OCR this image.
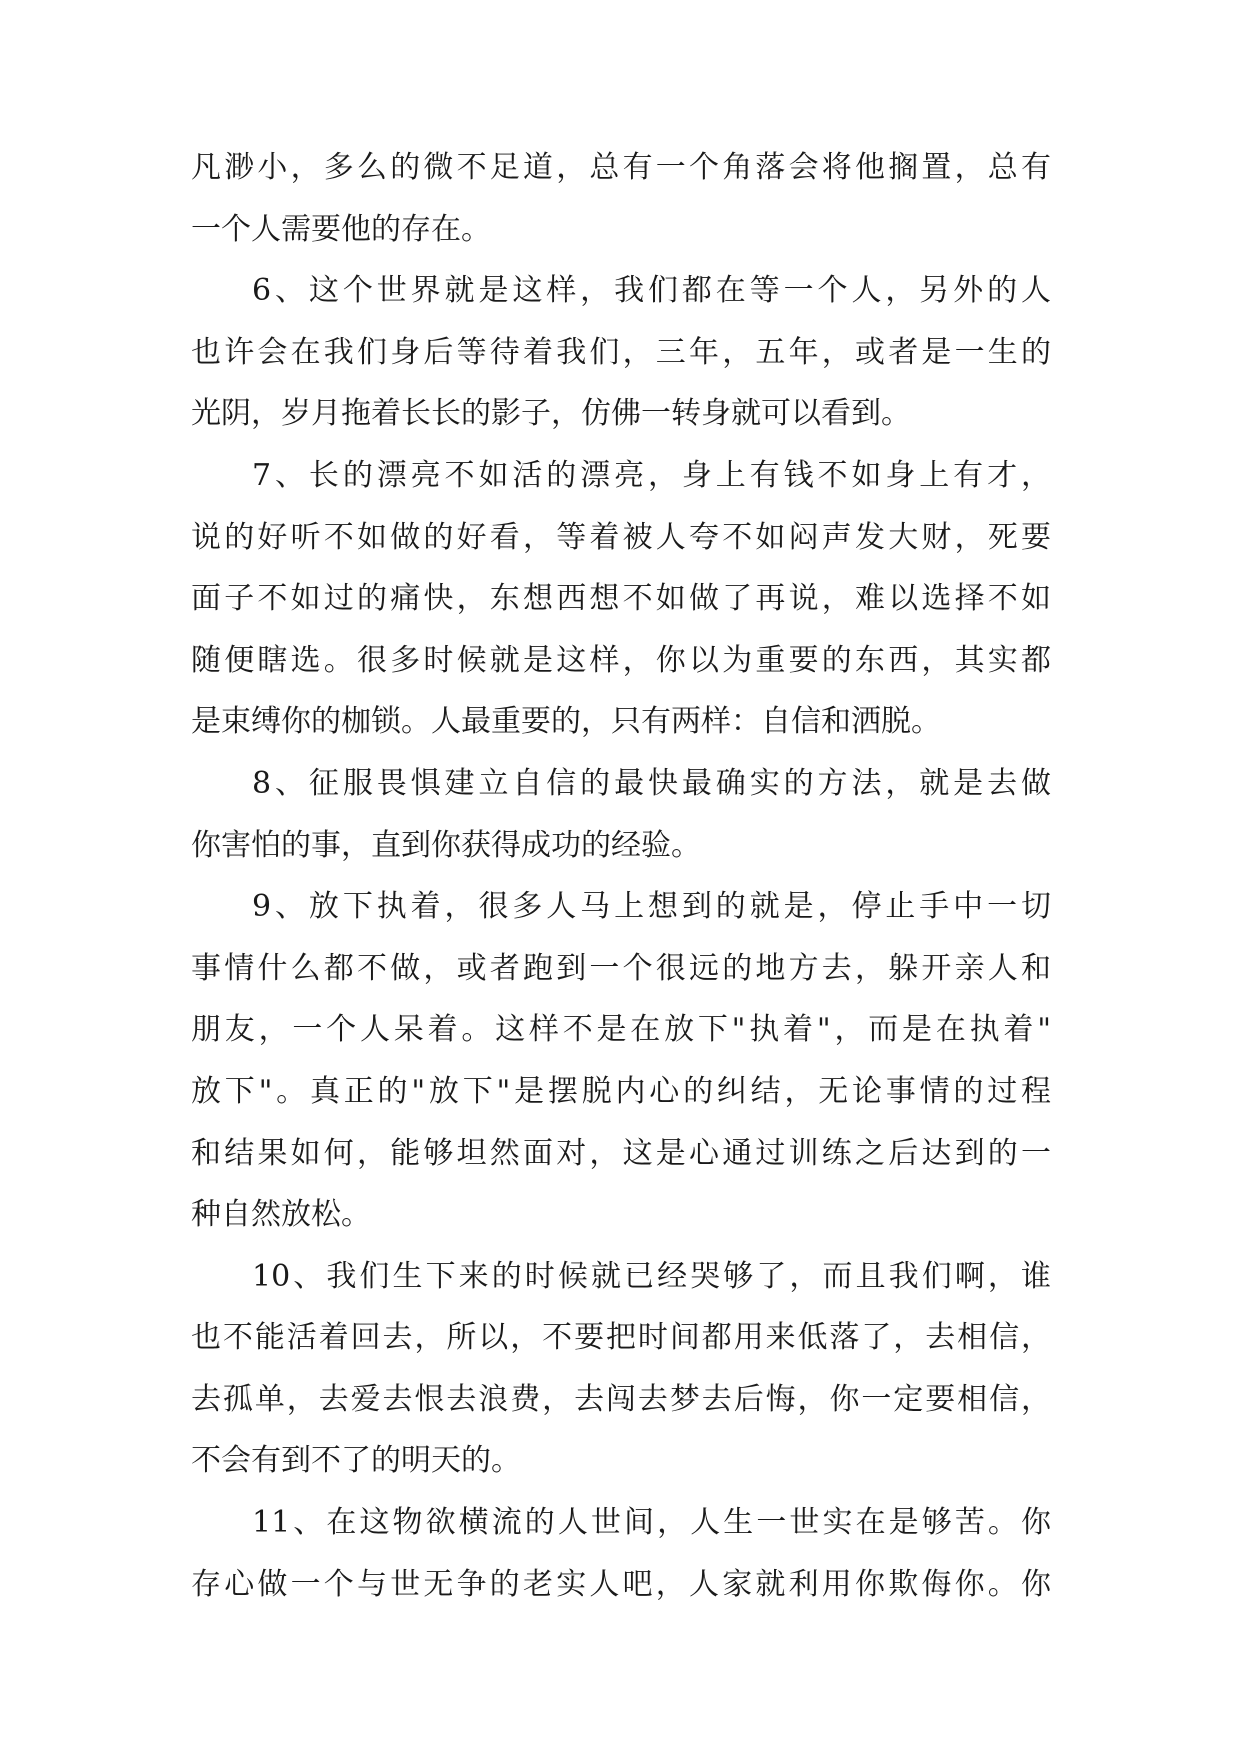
凡渺小，多么的微不足道，总有一个角落会将他搁置，总有
一个人需要他的存在。
6、这个世界就是这样，我们都在等一个人，另外的人
也许会在我们身后等待着我们，三年，五年，或者是一生的
光阴，岁月拖着长长的影子，仿佛一转身就可以看到。
7、长的漂亮不如活的漂亮，身上有钱不如身上有才，
说的好听不如做的好看，等着被人夸不如闷声发大财，死要
面子不如过的痛快，东想西想不如做了再说，难以选择不如
随便瞎选。很多时候就是这样，你以为重要的东西，其实都
是束缚你的枷锁。人最重要的，只有两样：自信和洒脱。
8、征服畏惧建立自信的最快最确实的方法，就是去做
你害怕的事，直到你获得成功的经验。
9、放下执着，很多人马上想到的就是，停止手中一切
事情什么都不做，或者跑到一个很远的地方去，躲开亲人和
朋友，一个人呆着。这样不是在放下"执着"，而是在执着"
放下"。真正的"放下"是摆脱内心的纠结，无论事情的过程
和结果如何，能够坦然面对，这是心通过训练之后达到的一
种自然放松。
10、我们生下来的时候就已经哭够了，而且我们啊，谁
也不能活着回去，所以，不要把时间都用来低落了，去相信，
去孤单，去爱去恨去浪费，去闯去梦去后悔，你一定要相信，
不会有到不了的明天的。
11、在这物欲横流的人世间，人生一世实在是够苦。你
存心做一个与世无争的老实人吧，人家就利用你欺侮你。你
